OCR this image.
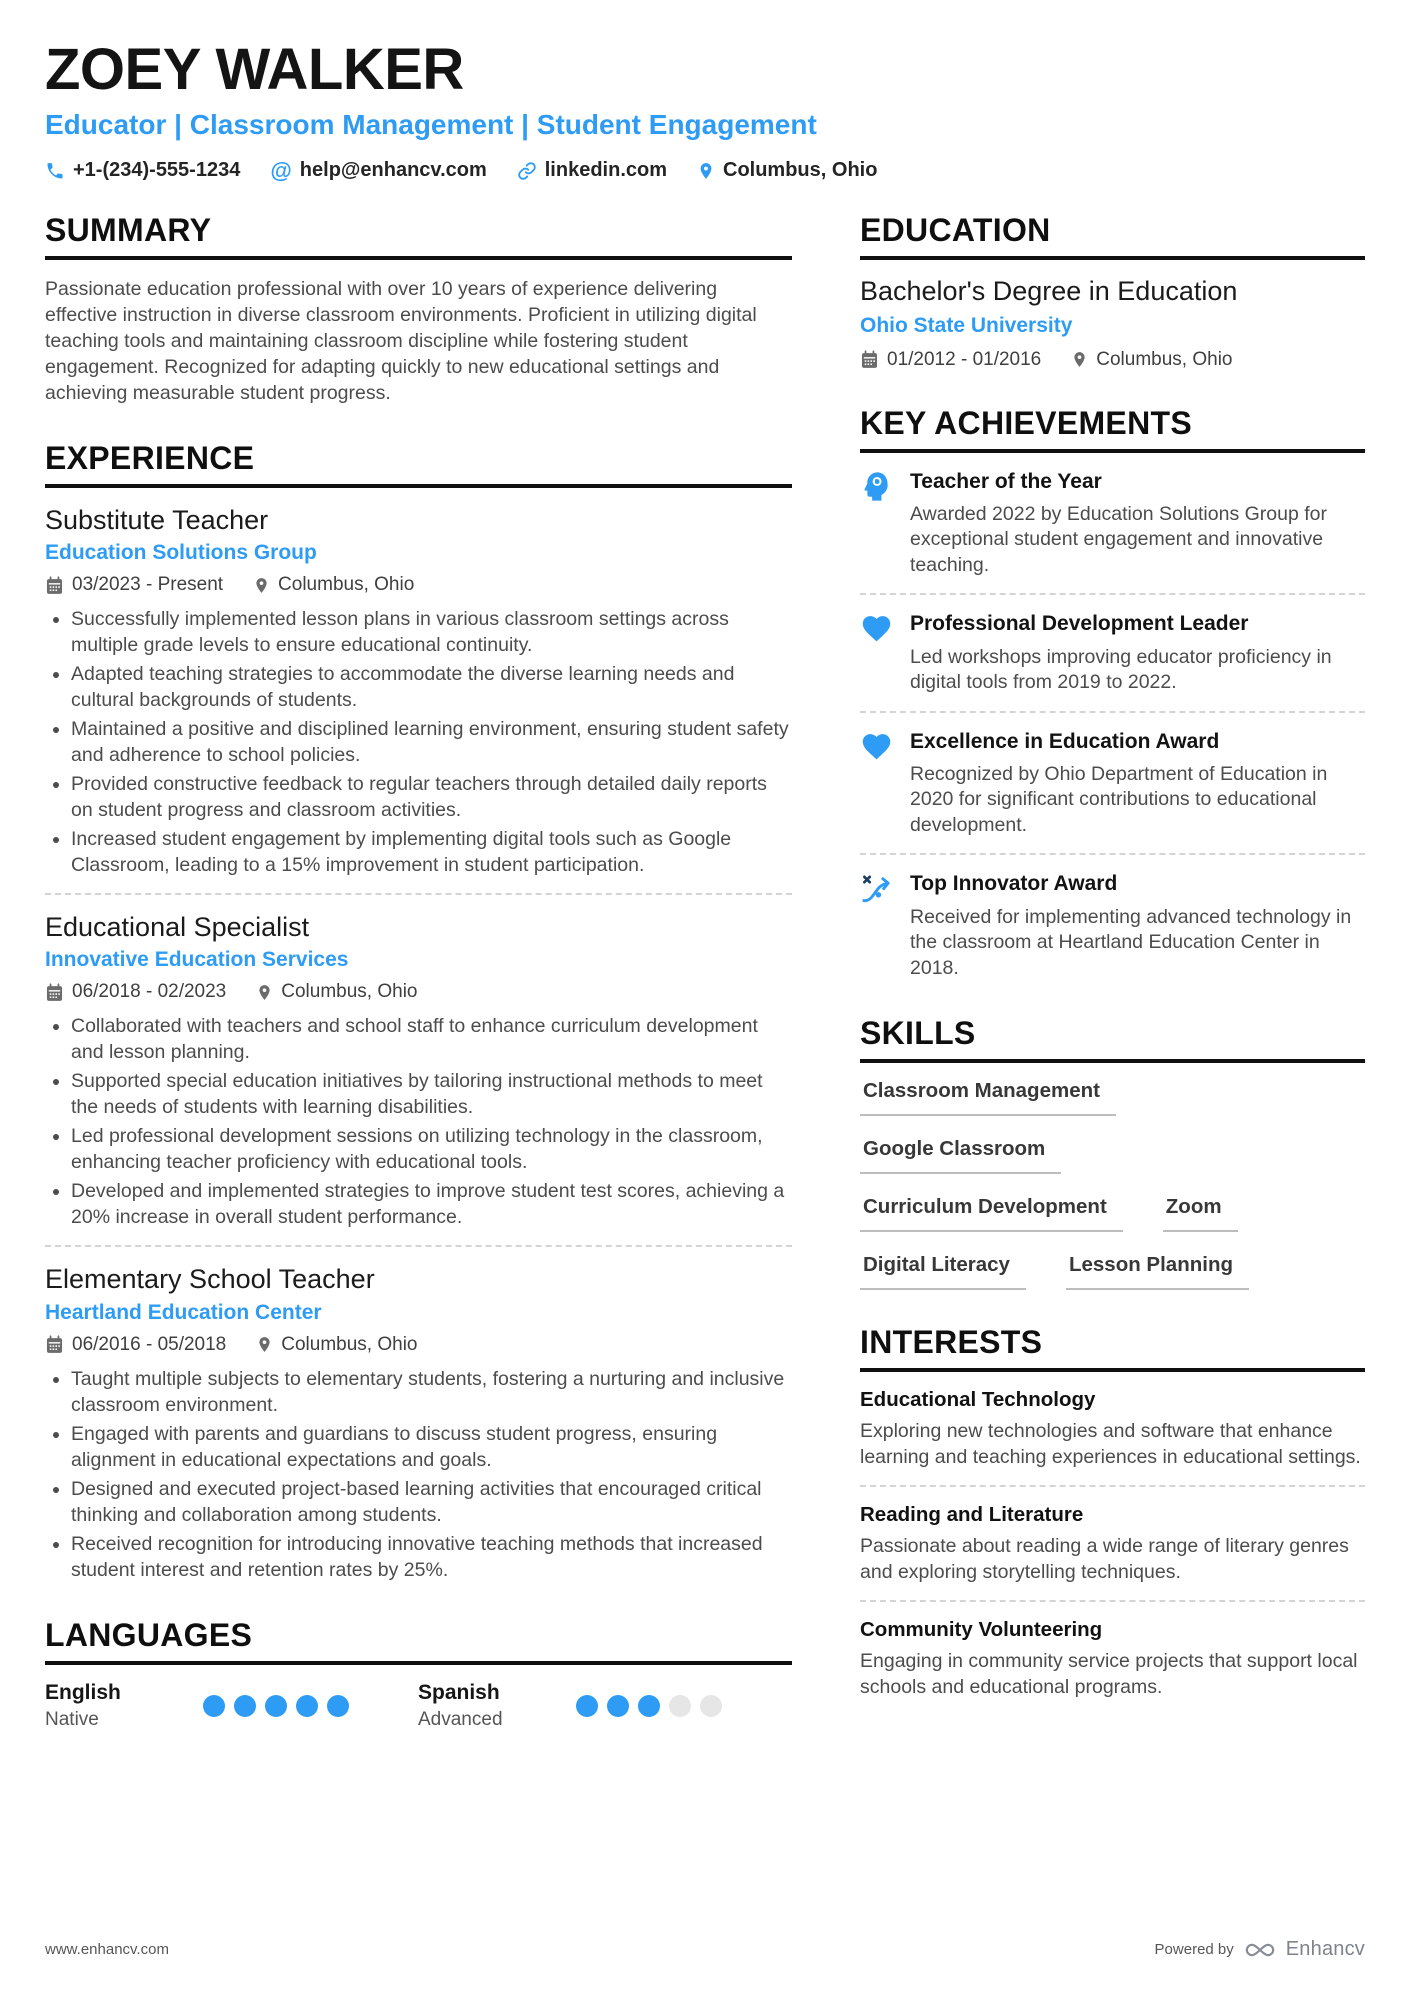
ZOEY WALKER
Educator | Classroom Management | Student Engagement
+1-(234)-555-1234 @ help@enhancv.com	linkedin.com	Columbus, Ohio
SUMMARY

Passionate education professional with over 10 years of experience delivering effective instruction in diverse classroom environments. Proficient in utilizing digital teaching tools and maintaining classroom discipline while fostering student engagement. Recognized for adapting quickly to new educational settings and achieving measurable student progress.

EXPERIENCE
Substitute Teacher
Education Solutions Group
03/2023 - Present	Columbus, Ohio
• Successfully implemented lesson plans in various classroom settings across multiple grade levels to ensure educational continuity.
• Adapted teaching strategies to accommodate the diverse learning needs and cultural backgrounds of students.
• Maintained a positive and disciplined learning environment, ensuring student safety and adherence to school policies.
• Provided constructive feedback to regular teachers through detailed daily reports on student progress and classroom activities.
• Increased student engagement by implementing digital tools such as Google Classroom, leading to a 15% improvement in student participation.
Educational Specialist
Innovative Education Services
06/2018 - 02/2023	Columbus, Ohio
• Collaborated with teachers and school staff to enhance curriculum development and lesson planning.
• Supported special education initiatives by tailoring instructional methods to meet the needs of students with learning disabilities.
• Led professional development sessions on utilizing technology in the classroom, enhancing teacher proficiency with educational tools.
• Developed and implemented strategies to improve student test scores, achieving a 20% increase in overall student performance.
Elementary School Teacher
Heartland Education Center
06/2016 - 05/2018	Columbus, Ohio
• Taught multiple subjects to elementary students, fostering a nurturing and inclusive classroom environment.
• Engaged with parents and guardians to discuss student progress, ensuring alignment in educational expectations and goals.
• Designed and executed project-based learning activities that encouraged critical thinking and collaboration among students.
• Received recognition for introducing innovative teaching methods that increased student interest and retention rates by 25%.
LANGUAGES
English
Native
Spanish
Advanced
EDUCATION
Bachelor's Degree in Education
Ohio State University
01/2012 - 01/2016	Columbus, Ohio
KEY ACHIEVEMENTS
Teacher of the Year

Awarded 2022 by Education Solutions Group for exceptional student engagement and innovative teaching.

Professional Development Leader

Led workshops improving educator proficiency in digital tools from 2019 to 2022.

Excellence in Education Award

Recognized by Ohio Department of Education in 2020 for significant contributions to educational development.

Top Innovator Award

Received for implementing advanced technology in the classroom at Heartland Education Center in 2018.

SKILLS
Classroom Management
Google Classroom
Curriculum Development	Zoom
Digital Literacy	Lesson Planning
INTERESTS
Educational Technology

Exploring new technologies and software that enhance learning and teaching experiences in educational settings.

Reading and Literature

Passionate about reading a wide range of literary genres and exploring storytelling techniques.

Community Volunteering

Engaging in community service projects that support local schools and educational programs.

www.enhancv.com	Powered by	Enhancv
